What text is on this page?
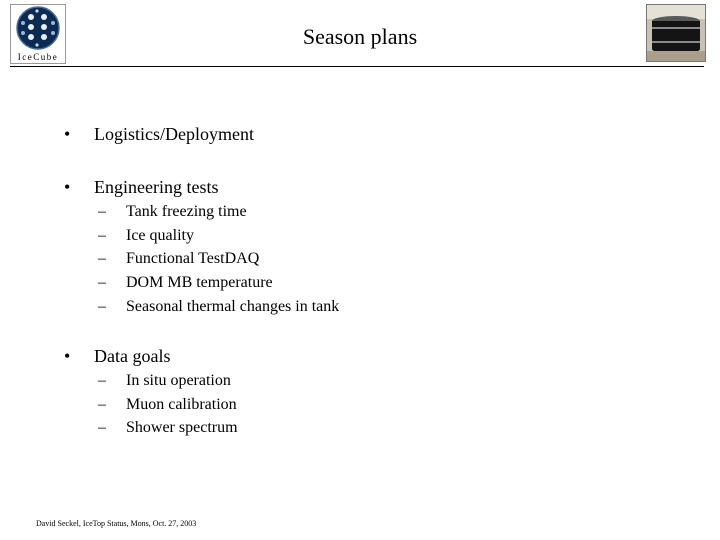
IceCube
Season plans
• Logistics/Deployment
• Engineering tests
– Tank freezing time
– Ice quality
– Functional TestDAQ
– DOM MB temperature
– Seasonal thermal changes in tank
• Data goals
– In situ operation
– Muon calibration
– Shower spectrum
David Seckel, IceTop Status, Mons, Oct. 27, 2003
